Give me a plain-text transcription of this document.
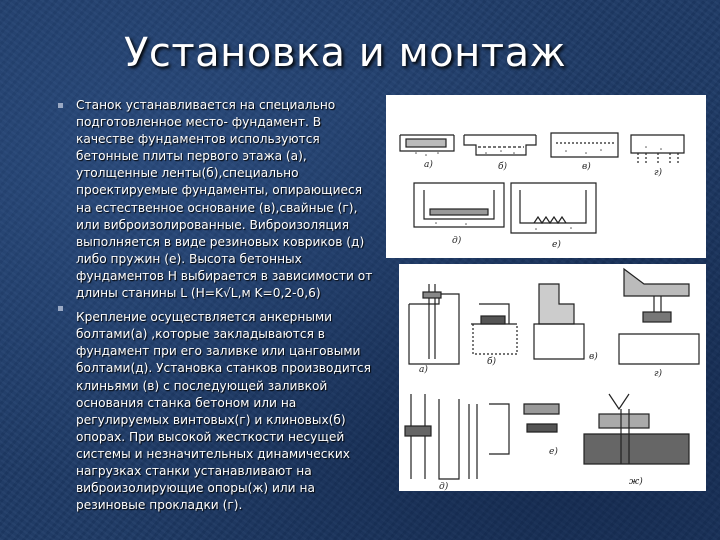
Установка и монтаж

Станок устанавливается на специально подготовленное место- фундамент. В качестве фундаментов используются бетонные плиты первого этажа (а), утолщенные ленты(б),специально проектируемые фундаменты, опирающиеся на естественное основание (в),свайные (г), или виброизолированные. Виброизоляция выполняется в виде резиновых ковриков (д) либо пружин (е). Высота бетонных фундаментов Н выбирается в зависимости от длины станины L (H=K√L,м K=0,2-0,6)

Крепление осуществляется анкерными болтами(а) ,которые закладываются в фундамент при его заливке или цанговыми болтами(д). Установка станков производится клиньями (в) с последующей заливкой основания станка бетоном или на регулируемых винтовых(г) и клиновых(б) опорах. При высокой жесткости несущей системы и незначительных динамических нагрузках станки устанавливают на виброизолирующие опоры(ж) или на резиновые прокладки (г).

а)	б)	в)
г)
д)	е)
а)
б)	в)
г)
д)
е)
ж)
